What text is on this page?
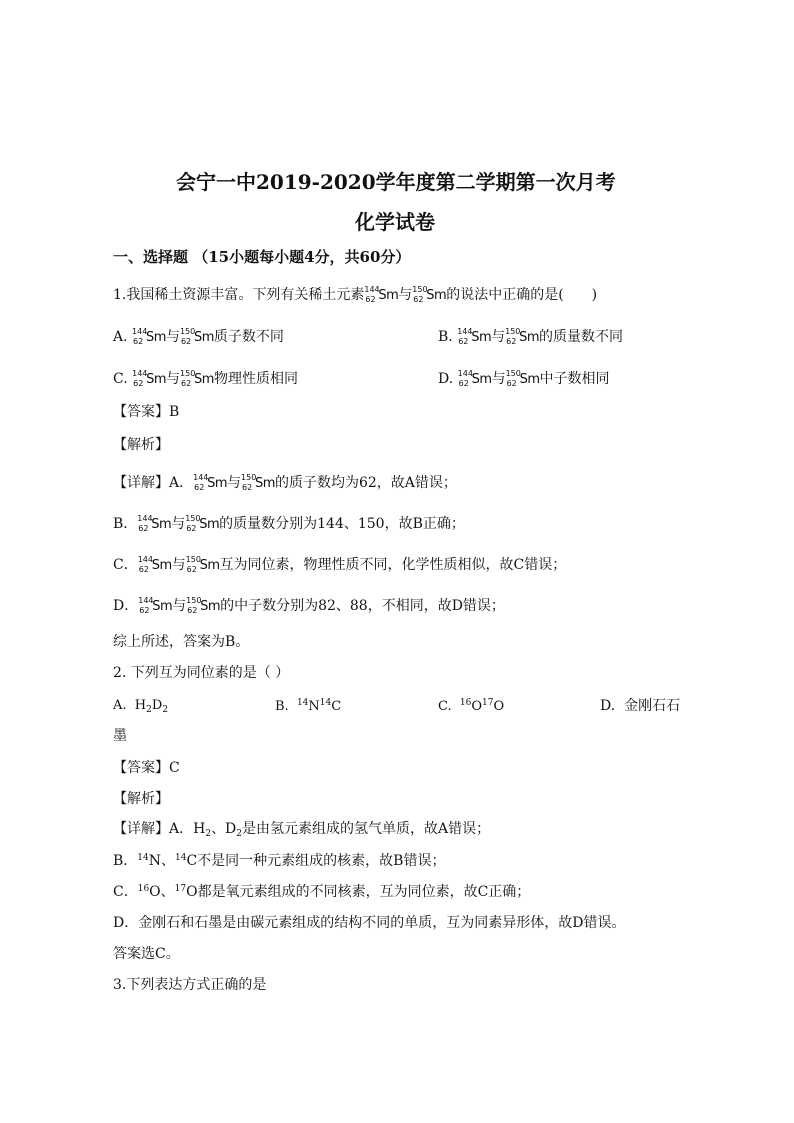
会宁一中2019-2020学年度第二学期第一次月考
化学试卷
一、选择题 （15小题每小题4分，共60分）
1.我国稀土资源丰富。下列有关稀土元素 144
62 Sm与 150
62 Sm的说法中正确的是(　　)
A. 144
62 Sm与 150
62 Sm质子数不同	B. 144
62 Sm与 150
62 Sm的质量数不同
C. 144
62 Sm与 150
62 Sm物理性质相同	D. 144
62 Sm与 150
62 Sm中子数相同
【答案】B
【解析】
【详解】A． 144
62 Sm与 150
62 Sm的质子数均为62，故A错误；
B． 144
62 Sm与 150
62 Sm的质量数分别为144、150，故B正确；
C． 144
62 Sm与 150
62 Sm互为同位素，物理性质不同，化学性质相似，故C错误；
D． 144
62 Sm与 150
62 Sm的中子数分别为82、88，不相同，故D错误；
综上所述，答案为B。
2. 下列互为同位素的是（ ）
A. $H_2D_2$	B. $^{14}N^{14}C$	C. $^{16}O^{17}O$	D. 金刚石石
墨
【答案】C
【解析】
【详解】A．$H_2$、$D_2$是由氢元素组成的氢气单质，故A错误；
B．$^{14}$N、$^{14}$C不是同一种元素组成的核素，故B错误；
C．$^{16}$O、$^{17}$O都是氧元素组成的不同核素，互为同位素，故C正确；
D．金刚石和石墨是由碳元素组成的结构不同的单质，互为同素异形体，故D错误。
答案选C。
3.下列表达方式正确的是
